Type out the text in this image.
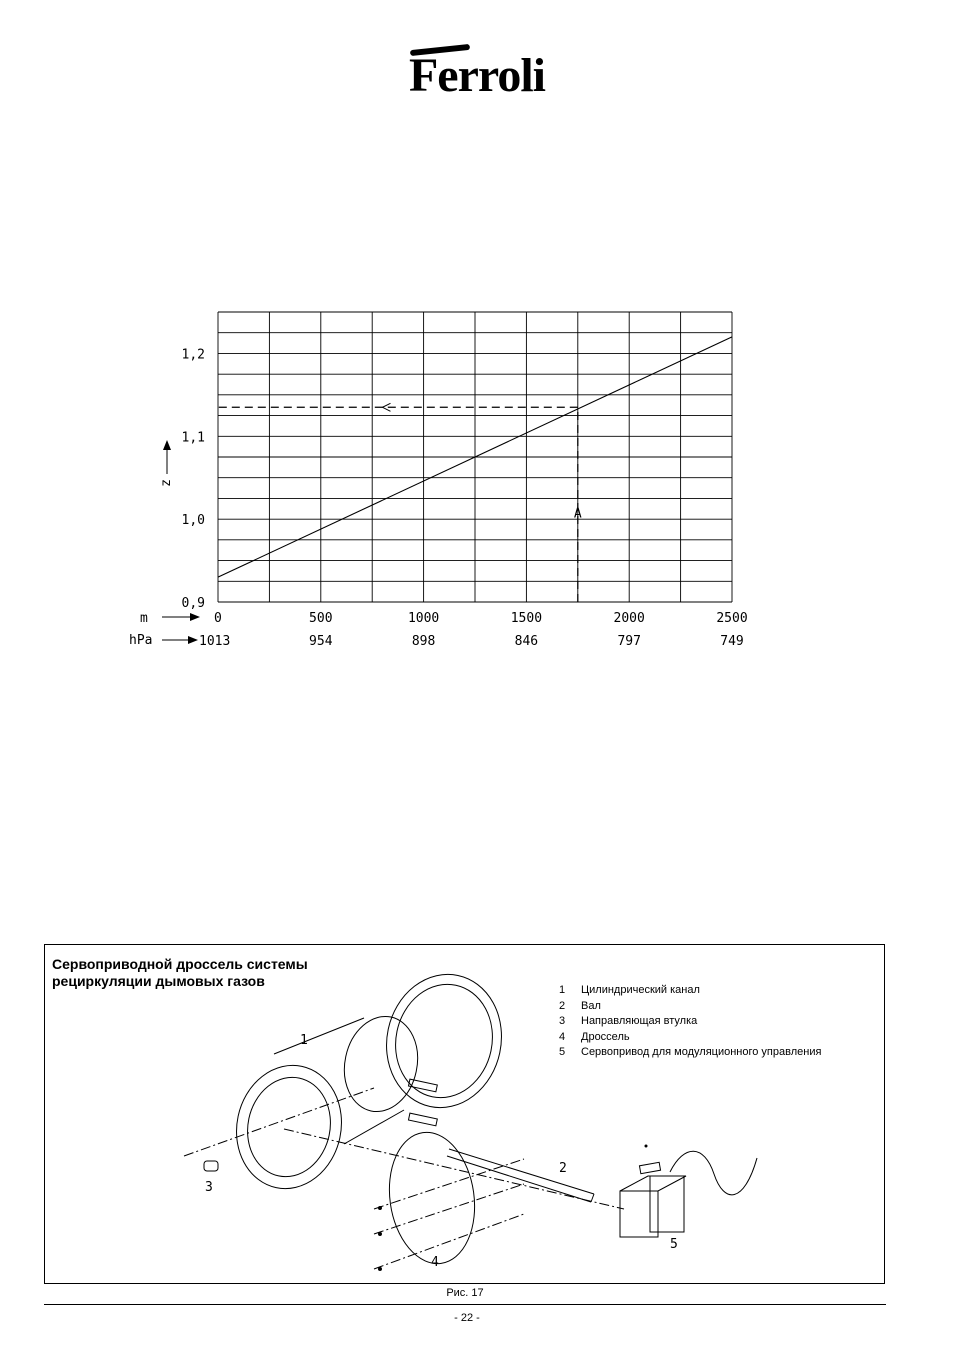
Ferroli
A
0,9
1,0
1,1
1,2
0	500	1000	1500	2000	2500
1013	954	898	846	797	749
z
m
hPa
Сервоприводной дроссель системы рециркуляции дымовых газов
1	Цилиндрический канал
2	Вал
3	Направляющая втулка
4	Дроссель
5	Сервопривод для модуляционного управления
1
2
3
4
5
Рис. 17
- 22 -
